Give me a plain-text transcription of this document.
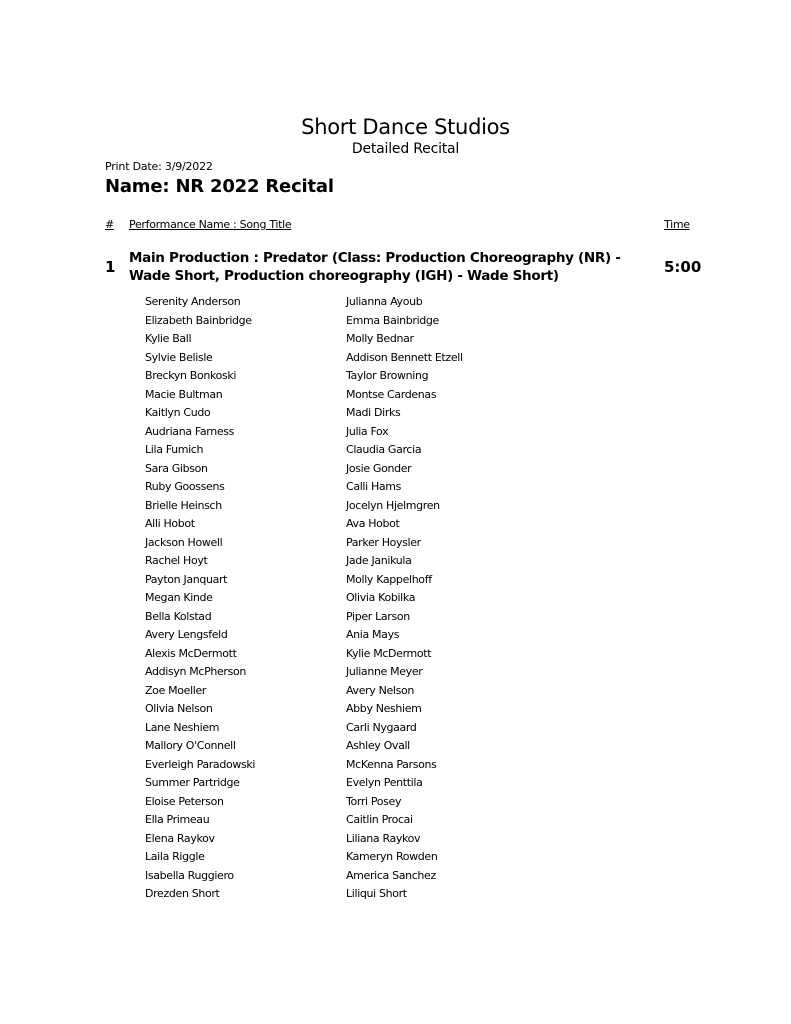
Short Dance Studios
Detailed Recital
Print Date: 3/9/2022
Name: NR 2022 Recital
# Performance Name : Song Title	Time
1 Main Production : Predator (Class: Production Choreography (NR) - Wade Short, Production choreography (IGH) - Wade Short)	5:00
Serenity Anderson
Elizabeth Bainbridge
Kylie Ball
Sylvie Belisle
Breckyn Bonkoski
Macie Bultman
Kaitlyn Cudo
Audriana Farness
Lila Fumich
Sara Gibson
Ruby Goossens
Brielle Heinsch
Alli Hobot
Jackson Howell
Rachel Hoyt
Payton Janquart
Megan Kinde
Bella Kolstad
Avery Lengsfeld
Alexis McDermott
Addisyn McPherson
Zoe Moeller
Olivia Nelson
Lane Neshiem
Mallory O'Connell
Everleigh Paradowski
Summer Partridge
Eloise Peterson
Ella Primeau
Elena Raykov
Laila Riggle
Isabella Ruggiero
Drezden Short
Julianna Ayoub
Emma Bainbridge
Molly Bednar
Addison Bennett Etzell
Taylor Browning
Montse Cardenas
Madi Dirks
Julia Fox
Claudia Garcia
Josie Gonder
Calli Hams
Jocelyn Hjelmgren
Ava Hobot
Parker Hoysler
Jade Janikula
Molly Kappelhoff
Olivia Kobilka
Piper Larson
Ania Mays
Kylie McDermott
Julianne Meyer
Avery Nelson
Abby Neshiem
Carli Nygaard
Ashley Ovall
McKenna Parsons
Evelyn Penttila
Torri Posey
Caitlin Procai
Liliana Raykov
Kameryn Rowden
America Sanchez
Liliqui Short
